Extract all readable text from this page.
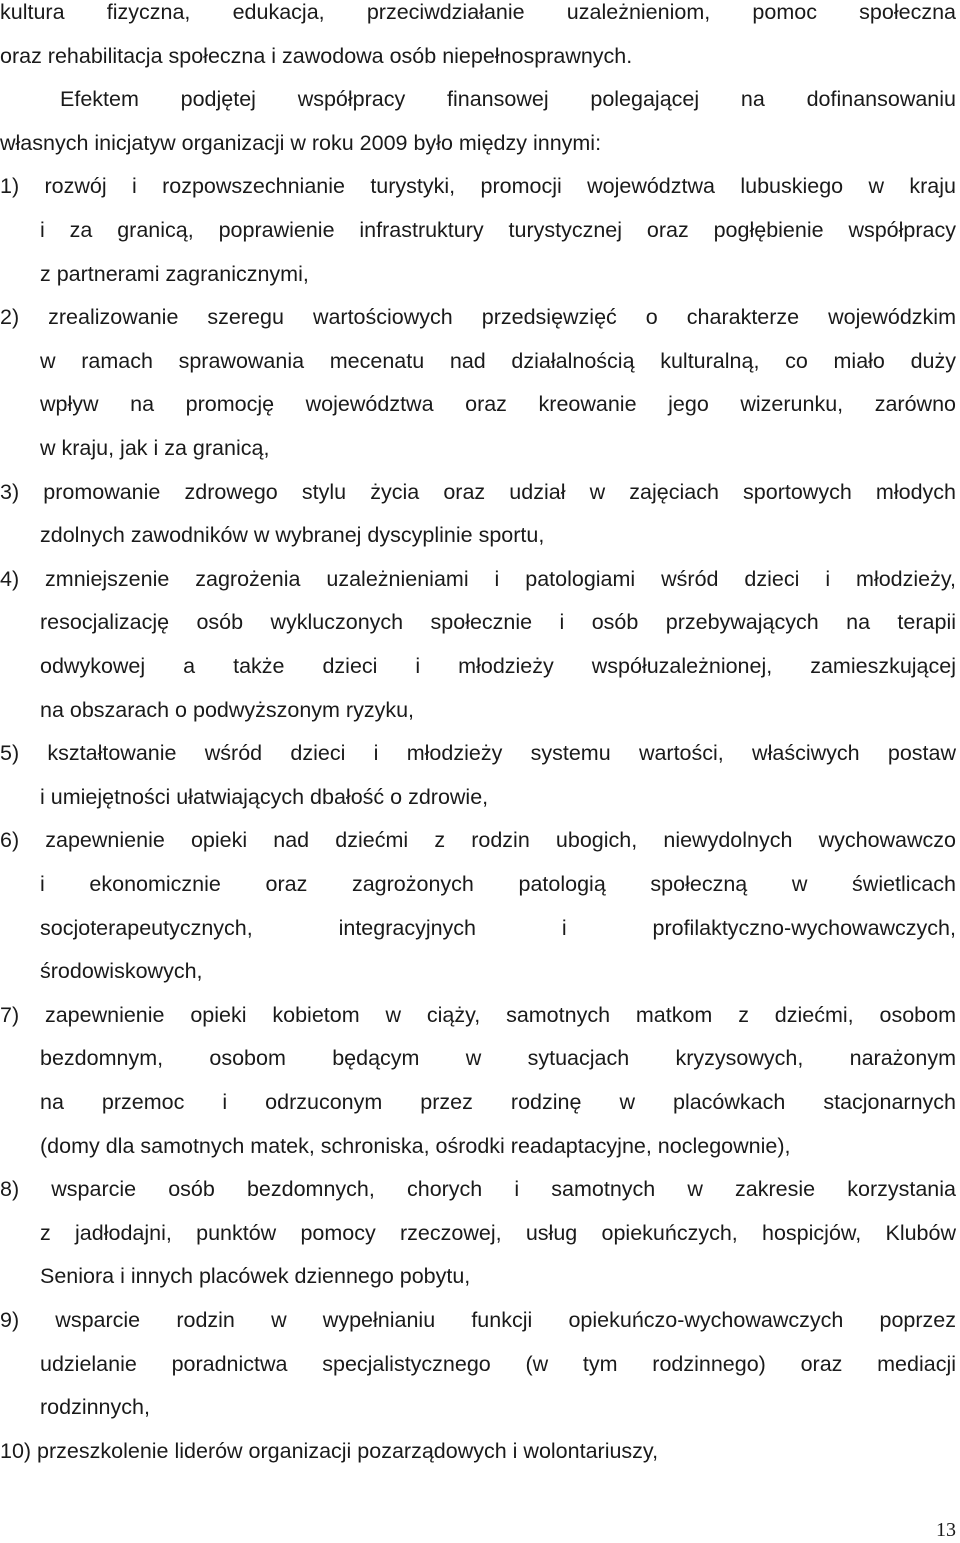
13
kultura fizyczna, edukacja, przeciwdziałanie uzależnieniom, pomoc społeczna
oraz rehabilitacja społeczna i zawodowa osób niepełnosprawnych.
Efektem podjętej współpracy finansowej polegającej na dofinansowaniu
własnych inicjatyw organizacji w roku 2009 było między innymi:
1) rozwój i rozpowszechnianie turystyki, promocji województwa lubuskiego w kraju
i za granicą, poprawienie infrastruktury turystycznej oraz pogłębienie współpracy
z partnerami zagranicznymi,
2) zrealizowanie szeregu wartościowych przedsięwzięć o charakterze wojewódzkim
w ramach sprawowania mecenatu nad działalnością kulturalną, co miało duży
wpływ na promocję województwa oraz kreowanie jego wizerunku, zarówno
w kraju, jak i za granicą,
3) promowanie zdrowego stylu życia oraz udział w zajęciach sportowych młodych
zdolnych zawodników w wybranej dyscyplinie sportu,
4) zmniejszenie zagrożenia uzależnieniami i patologiami wśród dzieci i młodzieży,
resocjalizację osób wykluczonych społecznie i osób przebywających na terapii
odwykowej a także dzieci i młodzieży współuzależnionej, zamieszkującej
na obszarach o podwyższonym ryzyku,
5) kształtowanie wśród dzieci i młodzieży systemu wartości, właściwych postaw
i umiejętności ułatwiających dbałość o zdrowie,
6) zapewnienie opieki nad dziećmi z rodzin ubogich, niewydolnych wychowawczo
i ekonomicznie oraz zagrożonych patologią społeczną w świetlicach
socjoterapeutycznych, integracyjnych i profilaktyczno-wychowawczych,
środowiskowych,
7) zapewnienie opieki kobietom w ciąży, samotnych matkom z dziećmi, osobom
bezdomnym, osobom będącym w sytuacjach kryzysowych, narażonym
na przemoc i odrzuconym przez rodzinę w placówkach stacjonarnych
(domy dla samotnych matek, schroniska, ośrodki readaptacyjne, noclegownie),
8) wsparcie osób bezdomnych, chorych i samotnych w zakresie korzystania
z jadłodajni, punktów pomocy rzeczowej, usług opiekuńczych, hospicjów, Klubów
Seniora i innych placówek dziennego pobytu,
9) wsparcie rodzin w wypełnianiu funkcji opiekuńczo-wychowawczych poprzez
udzielanie poradnictwa specjalistycznego (w tym rodzinnego) oraz mediacji
rodzinnych,
10) przeszkolenie liderów organizacji pozarządowych i wolontariuszy,
